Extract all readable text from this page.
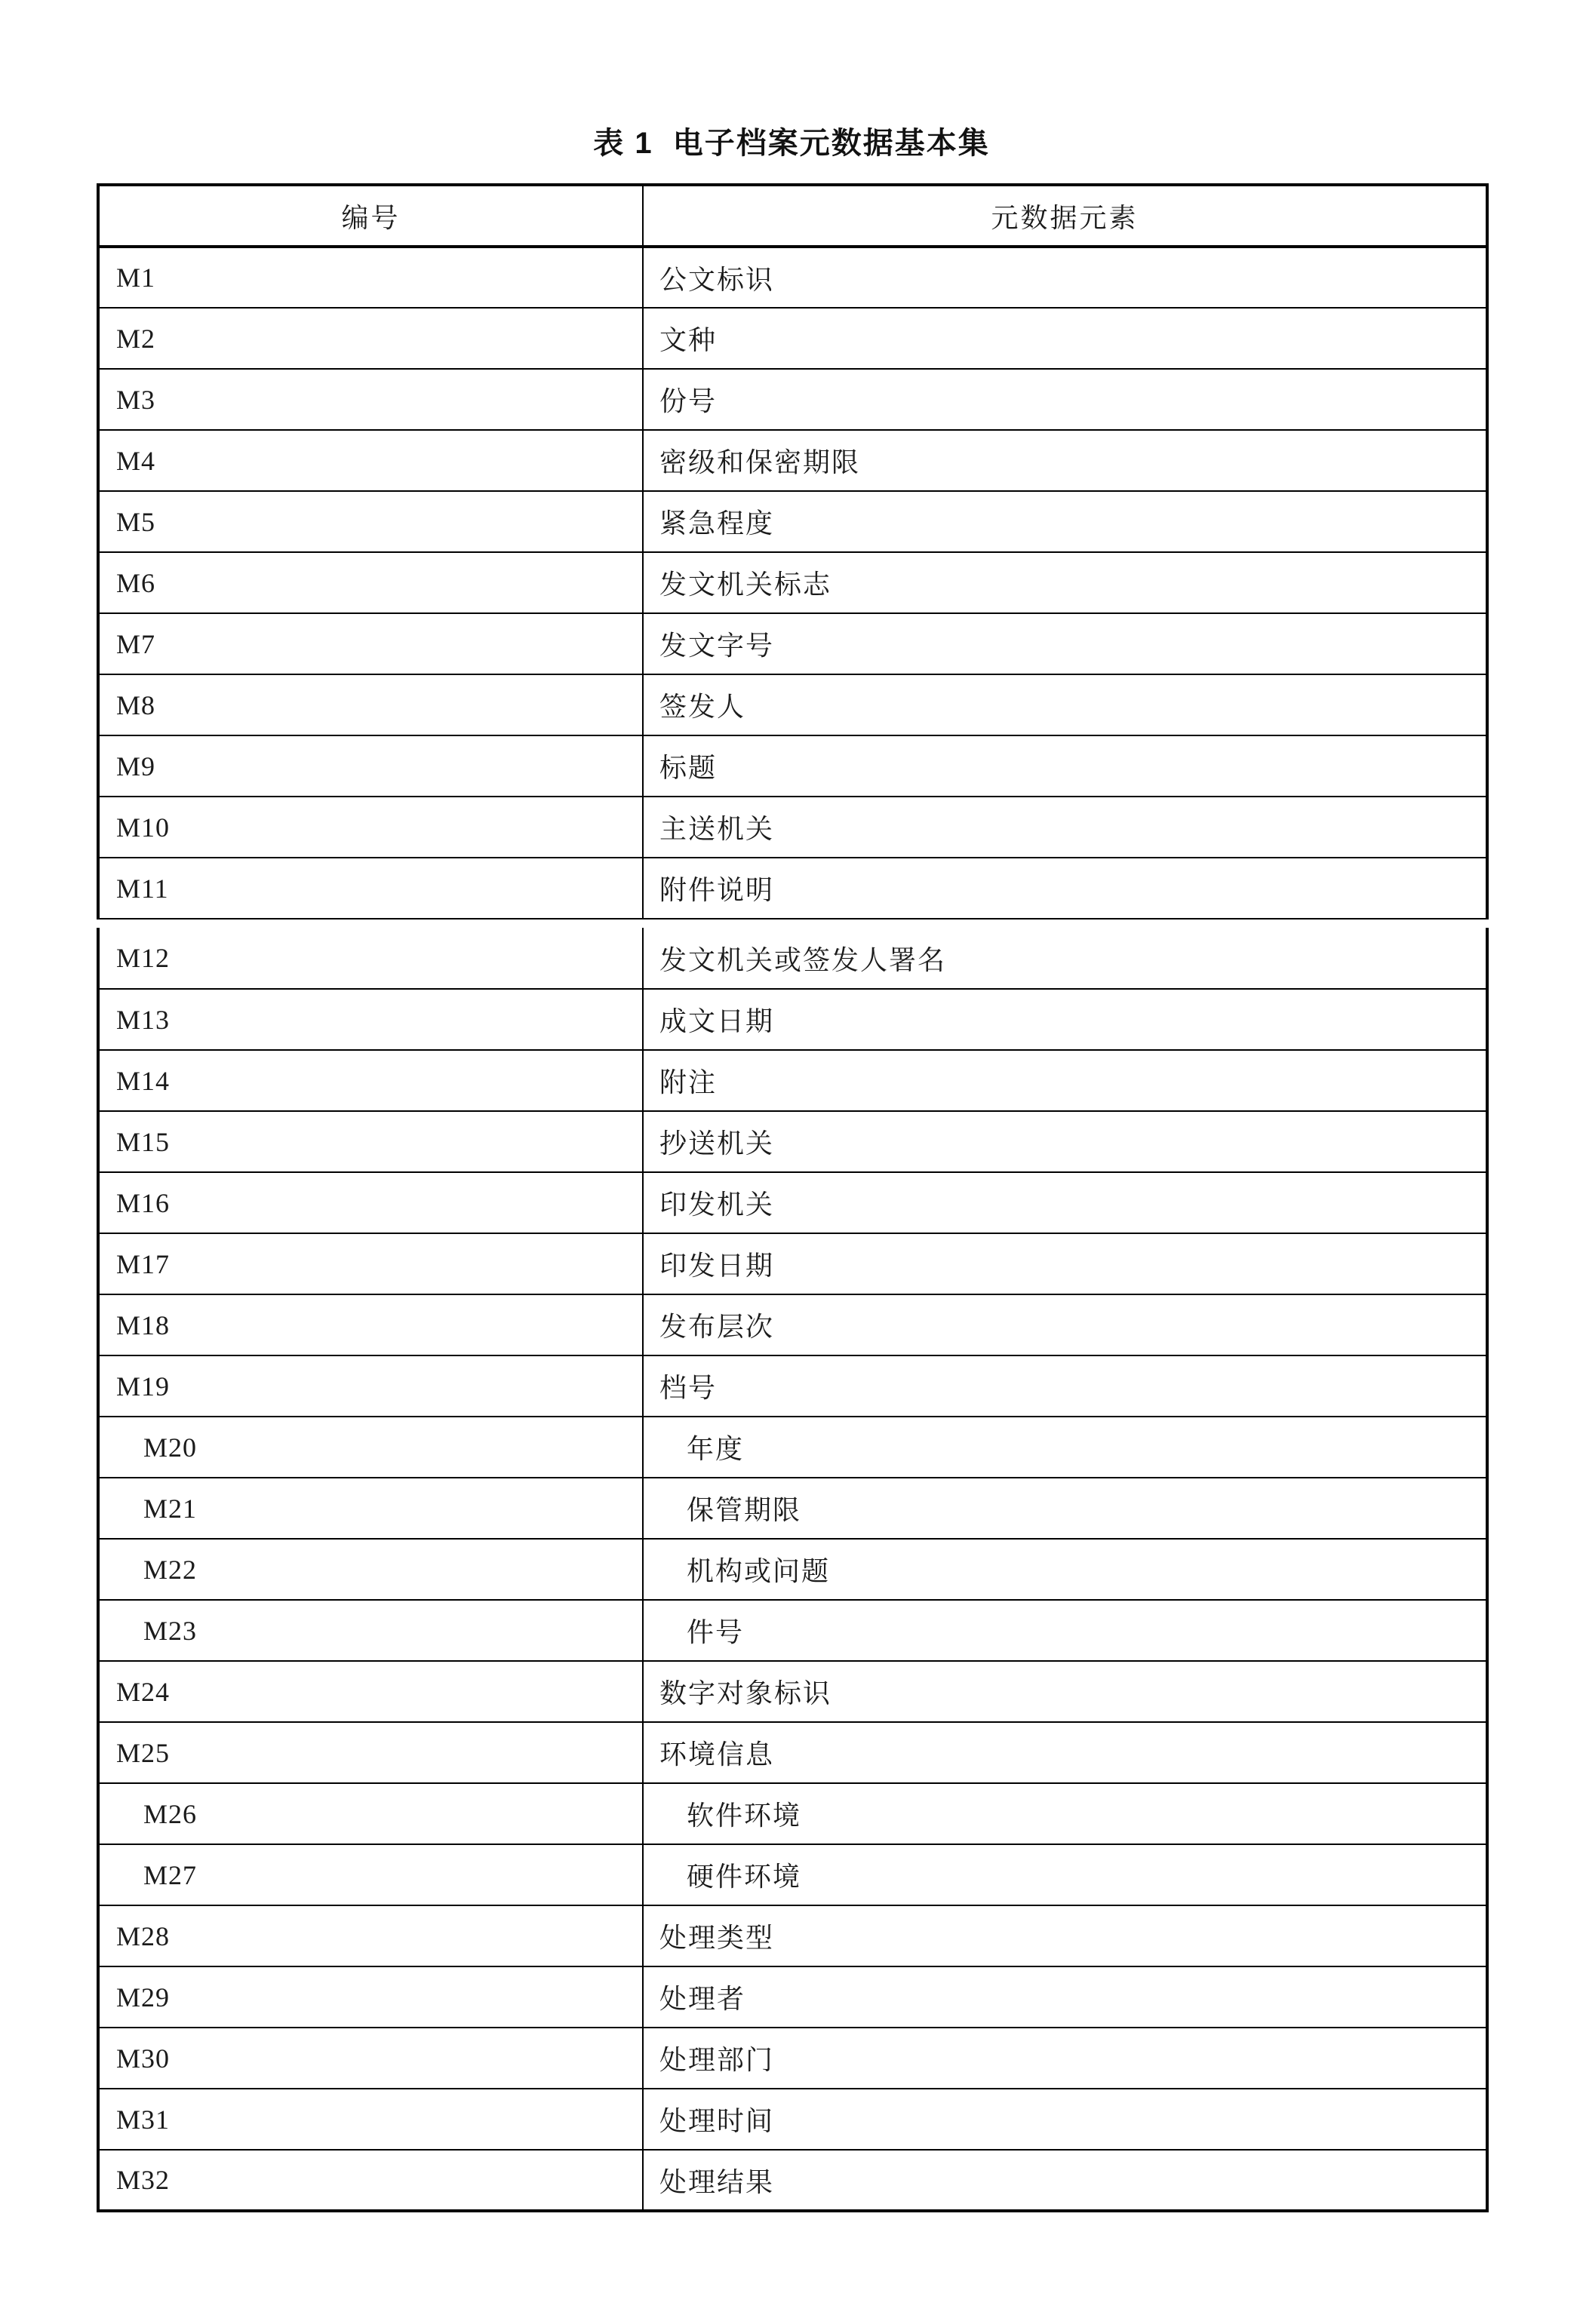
表 1  电子档案元数据基本集
编号	元数据元素
M1	公文标识
M2	文种
M3	份号
M4	密级和保密期限
M5	紧急程度
M6	发文机关标志
M7	发文字号
M8	签发人
M9	标题
M10	主送机关
M11	附件说明
M12	发文机关或签发人署名
M13	成文日期
M14	附注
M15	抄送机关
M16	印发机关
M17	印发日期
M18	发布层次
M19	档号
M20	年度
M21	保管期限
M22	机构或问题
M23	件号
M24	数字对象标识
M25	环境信息
M26	软件环境
M27	硬件环境
M28	处理类型
M29	处理者
M30	处理部门
M31	处理时间
M32	处理结果
